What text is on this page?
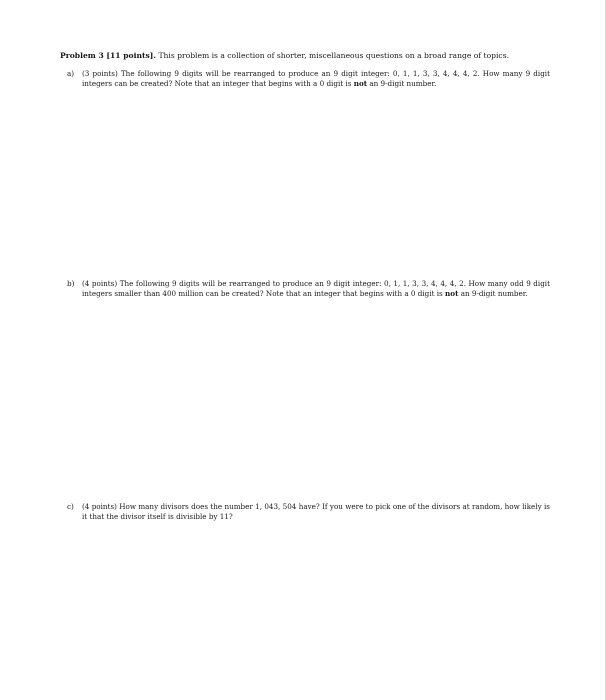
Problem 3 [11 points]. This problem is a collection of shorter, miscellaneous questions on a broad range of topics.
a)	(3 points) The following 9 digits will be rearranged to produce an 9 digit integer: 0, 1, 1, 3, 3, 4, 4, 4, 2. How many 9 digit integers can be created? Note that an integer that begins with a 0 digit is not an 9-digit number.
b)	(4 points) The following 9 digits will be rearranged to produce an 9 digit integer: 0, 1, 1, 3, 3, 4, 4, 4, 2. How many odd 9 digit integers smaller than 400 million can be created? Note that an integer that begins with a 0 digit is not an 9-digit number.
c)	(4 points) How many divisors does the number 1, 043, 504 have? If you were to pick one of the divisors at random, how likely is it that the divisor itself is divisible by 11?
